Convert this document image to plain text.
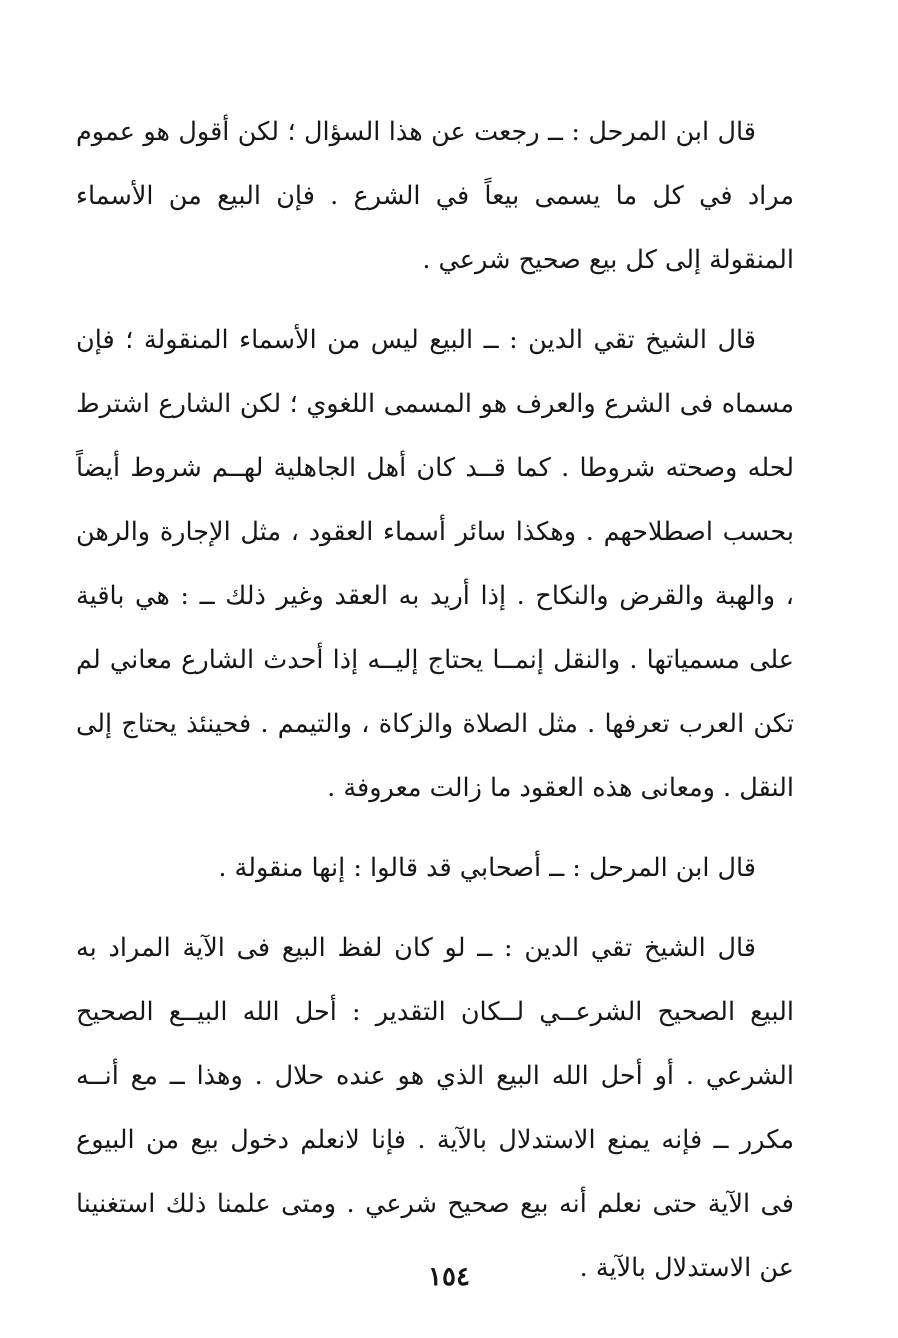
قال ابن المرحل : ــ رجعت عن هذا السؤال ؛ لكن أقول هو عموم مراد في كل ما يسمى بيعاً في الشرع . فإن البيع من الأسماء المنقولة إلى كل بيع صحيح شرعي .

قال الشيخ تقي الدين : ــ البيع ليس من الأسماء المنقولة ؛ فإن مسماه فى الشرع والعرف هو المسمى اللغوي ؛ لكن الشارع اشترط لحله وصحته شروطا . كما قــد كان أهل الجاهلية لهــم شروط أيضاً بحسب اصطلاحهم . وهكذا سائر أسماء العقود ، مثل الإجارة والرهن ، والهبة والقرض والنكاح . إذا أريد به العقد وغير ذلك ــ : هي باقية على مسمياتها . والنقل إنمــا يحتاج إليــه إذا أحدث الشارع معاني لم تكن العرب تعرفها . مثل الصلاة والزكاة ، والتيمم . فحينئذ يحتاج إلى النقل . ومعانى هذه العقود ما زالت معروفة .

قال ابن المرحل : ــ أصحابي قد قالوا : إنها منقولة .

قال الشيخ تقي الدين : ــ لو كان لفظ البيع فى الآية المراد به البيع الصحيح الشرعــي لــكان التقدير : أحل الله البيــع الصحيح الشرعي . أو أحل الله البيع الذي هو عنده حلال . وهذا ــ مع أنــه مكرر ــ فإنه يمنع الاستدلال بالآية . فإنا لانعلم دخول بيع من البيوع فى الآية حتى نعلم أنه بيع صحيح شرعي . ومتى علمنا ذلك استغنينا عن الاستدلال بالآية .

١٥٤
